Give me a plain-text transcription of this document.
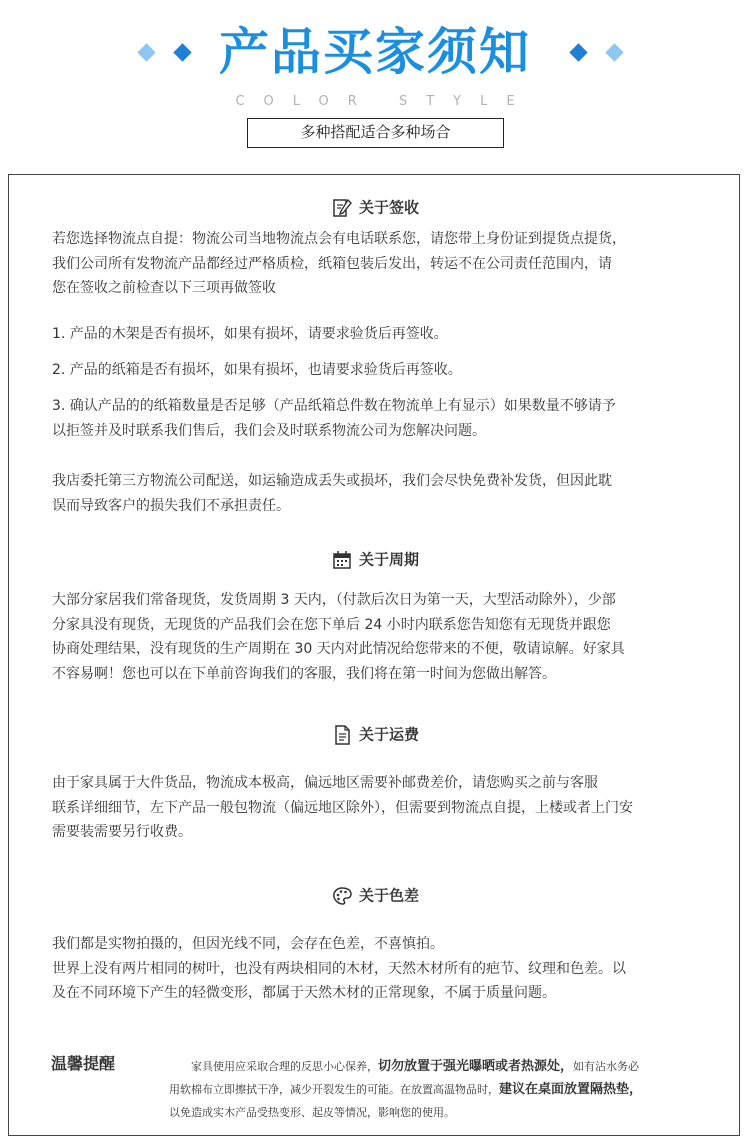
产品买家须知
COLOR STYLE
多种搭配适合多种场合
关于签收
若您选择物流点自提：物流公司当地物流点会有电话联系您，请您带上身份证到提货点提货，
我们公司所有发物流产品都经过严格质检，纸箱包装后发出，转运不在公司责任范围内，请
您在签收之前检查以下三项再做签收
1. 产品的木架是否有损坏，如果有损坏，请要求验货后再签收。
2. 产品的纸箱是否有损坏，如果有损坏，也请要求验货后再签收。
3. 确认产品的的纸箱数量是否足够（产品纸箱总件数在物流单上有显示）如果数量不够请予
以拒签并及时联系我们售后，我们会及时联系物流公司为您解决问题。
我店委托第三方物流公司配送，如运输造成丢失或损坏，我们会尽快免费补发货，但因此耽
误而导致客户的损失我们不承担责任。
关于周期
大部分家居我们常备现货，发货周期 3 天内，（付款后次日为第一天，大型活动除外），少部
分家具没有现货，无现货的产品我们会在您下单后 24 小时内联系您告知您有无现货并跟您
协商处理结果，没有现货的生产周期在 30 天内对此情况给您带来的不便，敬请谅解。好家具
不容易啊！您也可以在下单前咨询我们的客服，我们将在第一时间为您做出解答。
关于运费
由于家具属于大件货品，物流成本极高，偏远地区需要补邮费差价，请您购买之前与客服
联系详细细节，左下产品一般包物流（偏远地区除外），但需要到物流点自提，上楼或者上门安
需要装需要另行收费。
关于色差
我们都是实物拍摄的，但因光线不同，会存在色差，不喜慎拍。
世界上没有两片相同的树叶，也没有两块相同的木材，天然木材所有的疤节、纹理和色差。以
及在不同环境下产生的轻微变形，都属于天然木材的正常现象，不属于质量问题。
温馨提醒	家具使用应采取合理的反思小心保养，切勿放置于强光曝晒或者热源处，如有沾水务必
用软棉布立即擦拭干净，减少开裂发生的可能。在放置高温物品时，建议在桌面放置隔热垫，
以免造成实木产品受热变形、起皮等情况，影响您的使用。
